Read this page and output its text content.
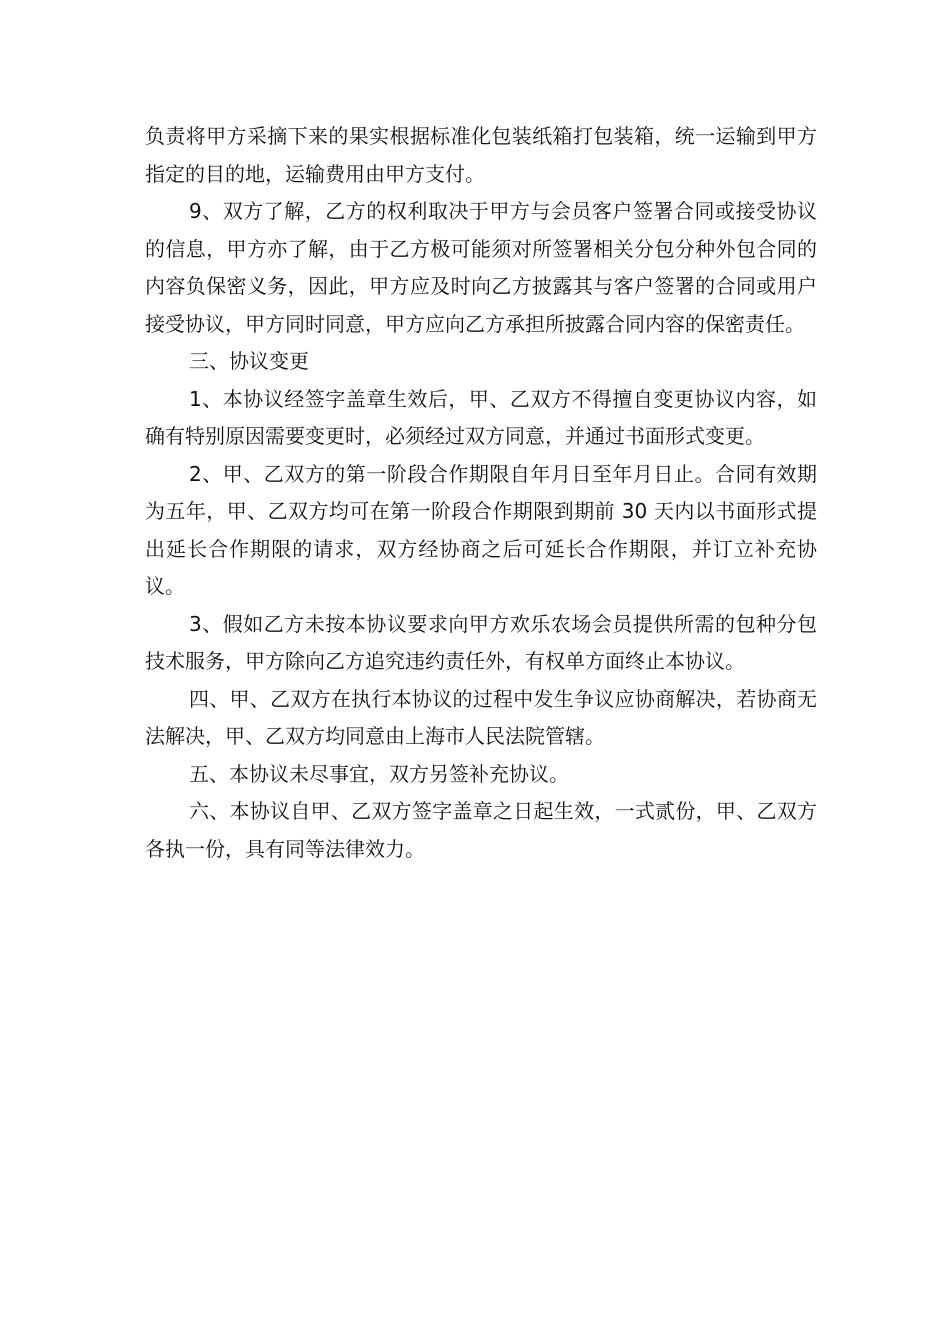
负责将甲方采摘下来的果实根据标准化包装纸箱打包装箱，统一运输到甲方指定的目的地，运输费用由甲方支付。

9、双方了解，乙方的权利取决于甲方与会员客户签署合同或接受协议的信息，甲方亦了解，由于乙方极可能须对所签署相关分包分种外包合同的内容负保密义务，因此，甲方应及时向乙方披露其与客户签署的合同或用户接受协议，甲方同时同意，甲方应向乙方承担所披露合同内容的保密责任。

三、协议变更

1、本协议经签字盖章生效后，甲、乙双方不得擅自变更协议内容，如确有特别原因需要变更时，必须经过双方同意，并通过书面形式变更。

2、甲、乙双方的第一阶段合作期限自年月日至年月日止。合同有效期为五年，甲、乙双方均可在第一阶段合作期限到期前 30 天内以书面形式提出延长合作期限的请求，双方经协商之后可延长合作期限，并订立补充协议。

3、假如乙方未按本协议要求向甲方欢乐农场会员提供所需的包种分包技术服务，甲方除向乙方追究违约责任外，有权单方面终止本协议。

四、甲、乙双方在执行本协议的过程中发生争议应协商解决，若协商无法解决，甲、乙双方均同意由上海市人民法院管辖。

五、本协议未尽事宜，双方另签补充协议。

六、本协议自甲、乙双方签字盖章之日起生效，一式贰份，甲、乙双方各执一份，具有同等法律效力。
